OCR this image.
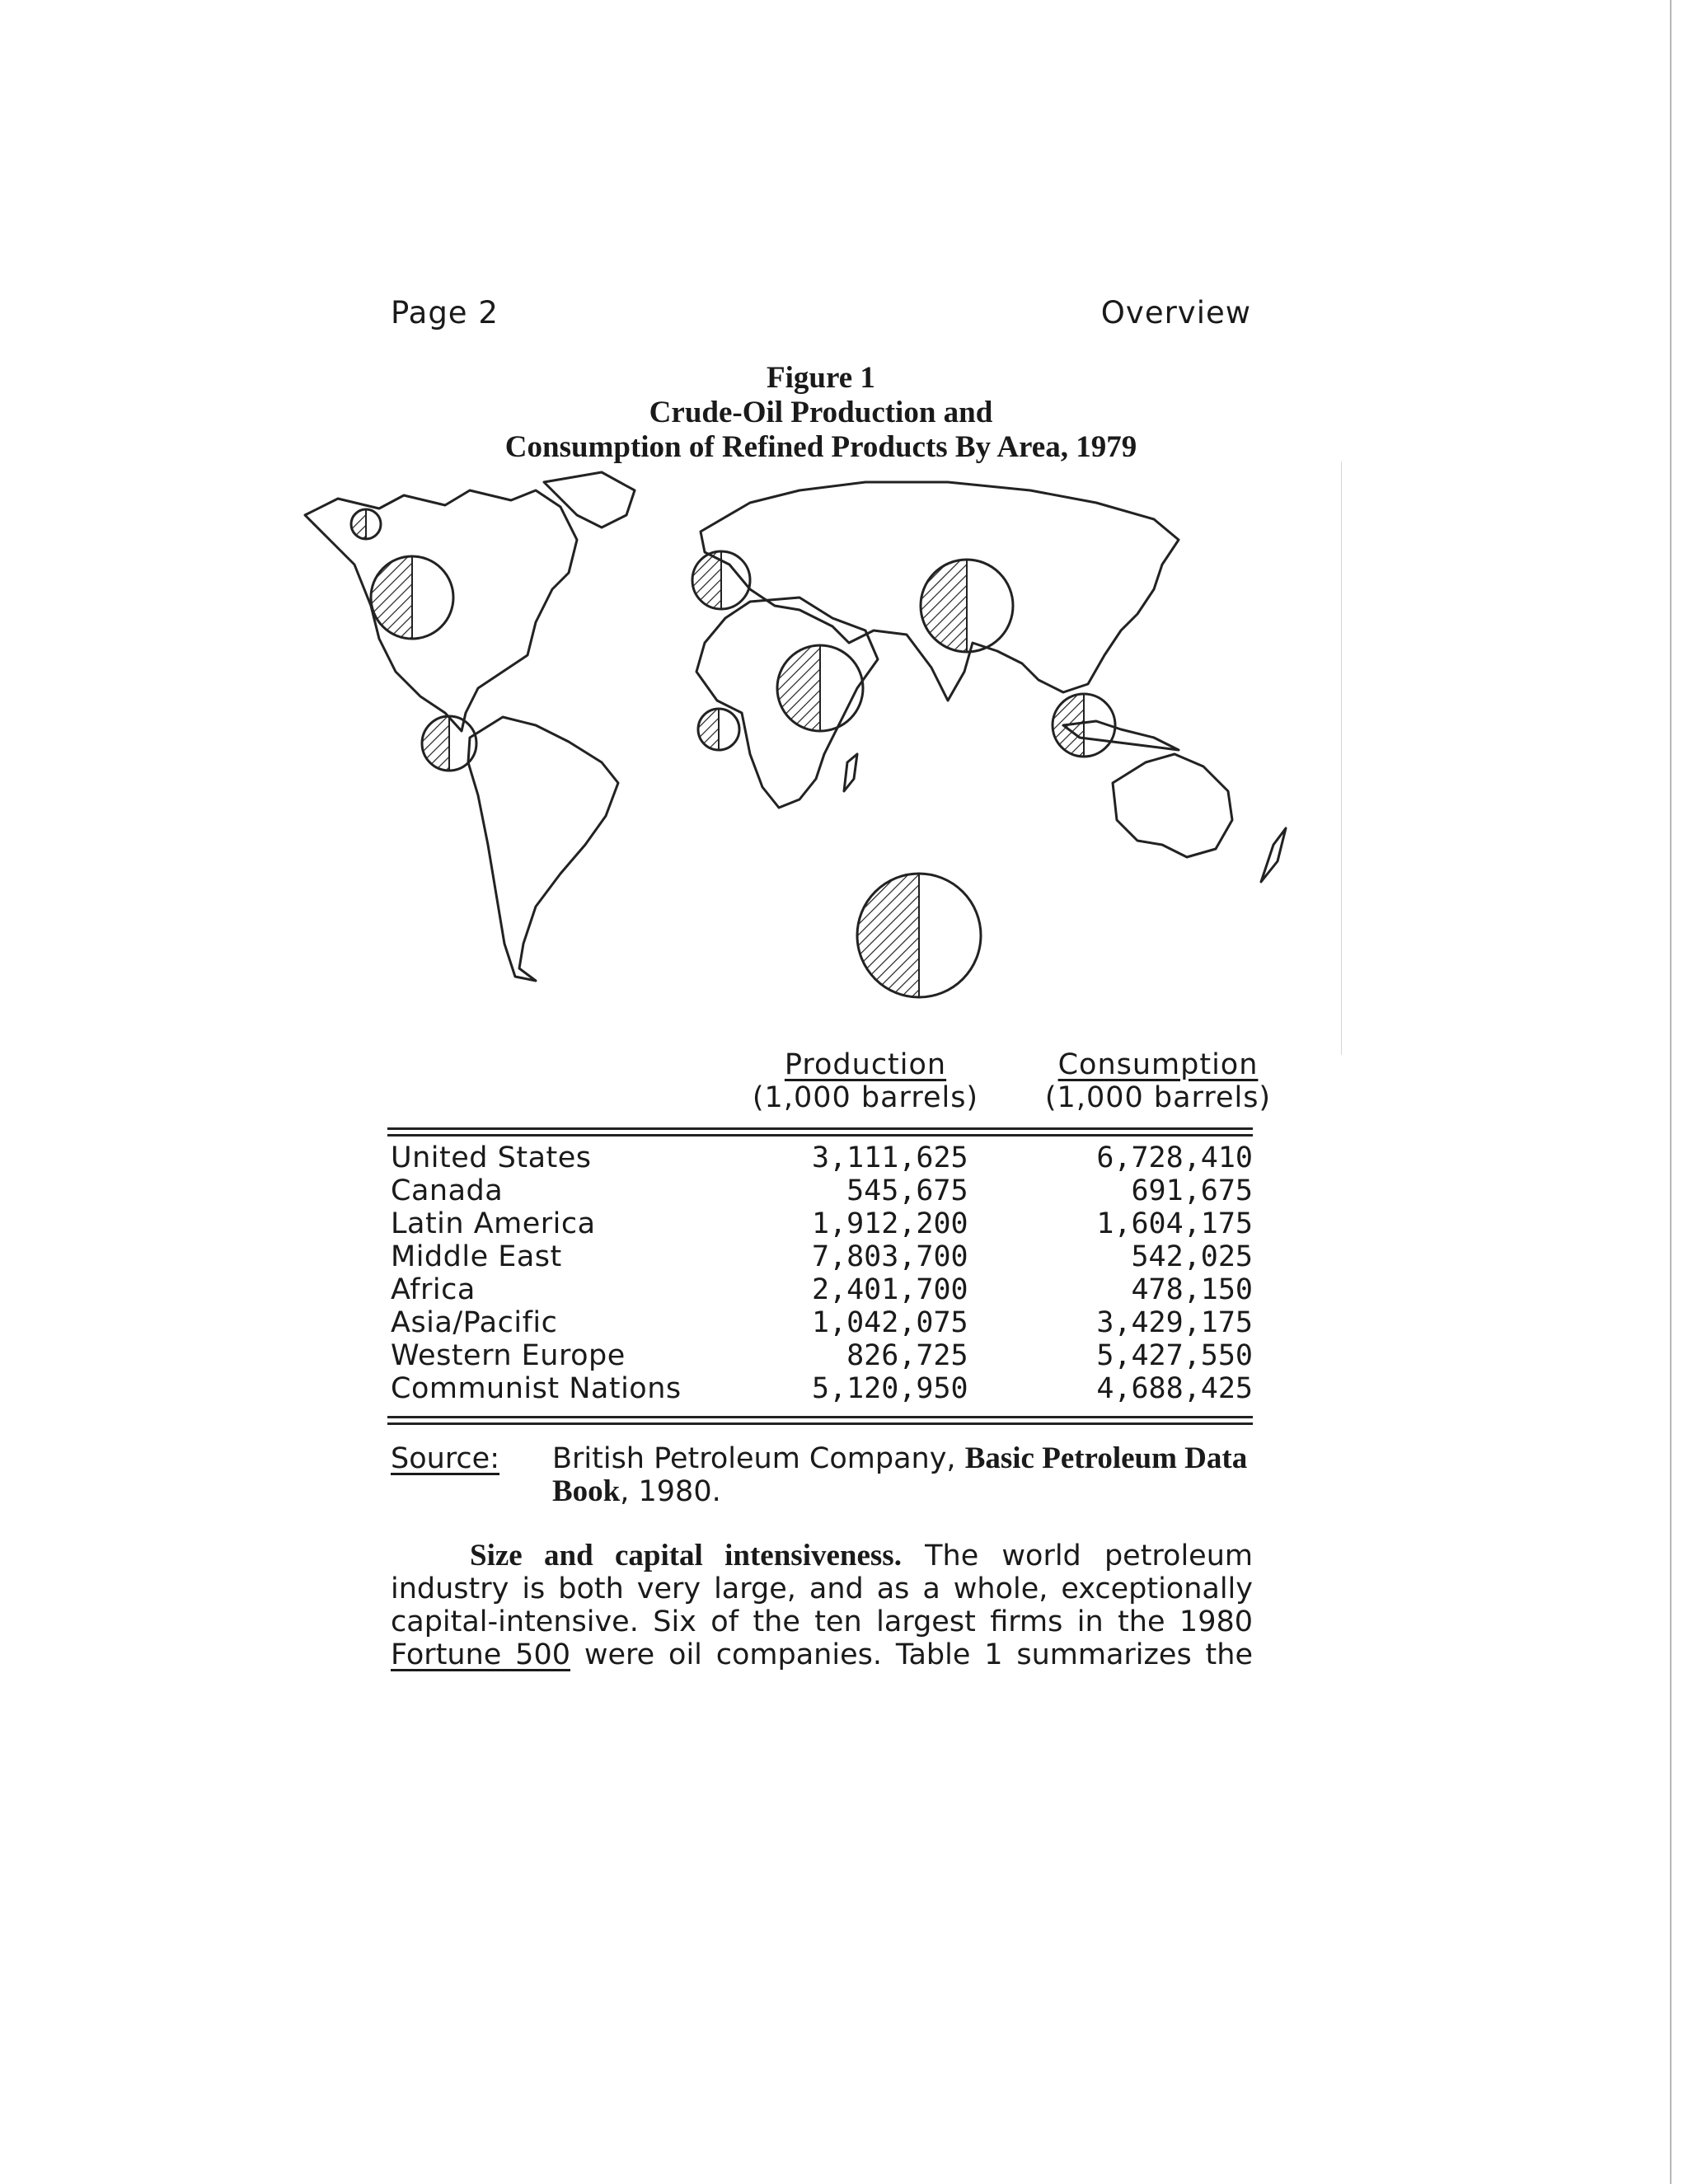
Page 2	Overview
Figure 1
Crude-Oil Production and
Consumption of Refined Products By Area, 1979
Production
(1,000 barrels)
Consumption
(1,000 barrels)
United States	3,111,625	6,728,410
Canada	545,675	691,675
Latin America	1,912,200	1,604,175
Middle East	7,803,700	542,025
Africa	2,401,700	478,150
Asia/Pacific	1,042,075	3,429,175
Western Europe	826,725	5,427,550
Communist Nations	5,120,950	4,688,425
Source: British Petroleum Company, Basic Petroleum Data Book, 1980.
Size and capital intensiveness. The world petroleum industry is both very large, and as a whole, exceptionally capital-intensive. Six of the ten largest firms in the 1980 Fortune 500 were oil companies. Table 1 summarizes the
